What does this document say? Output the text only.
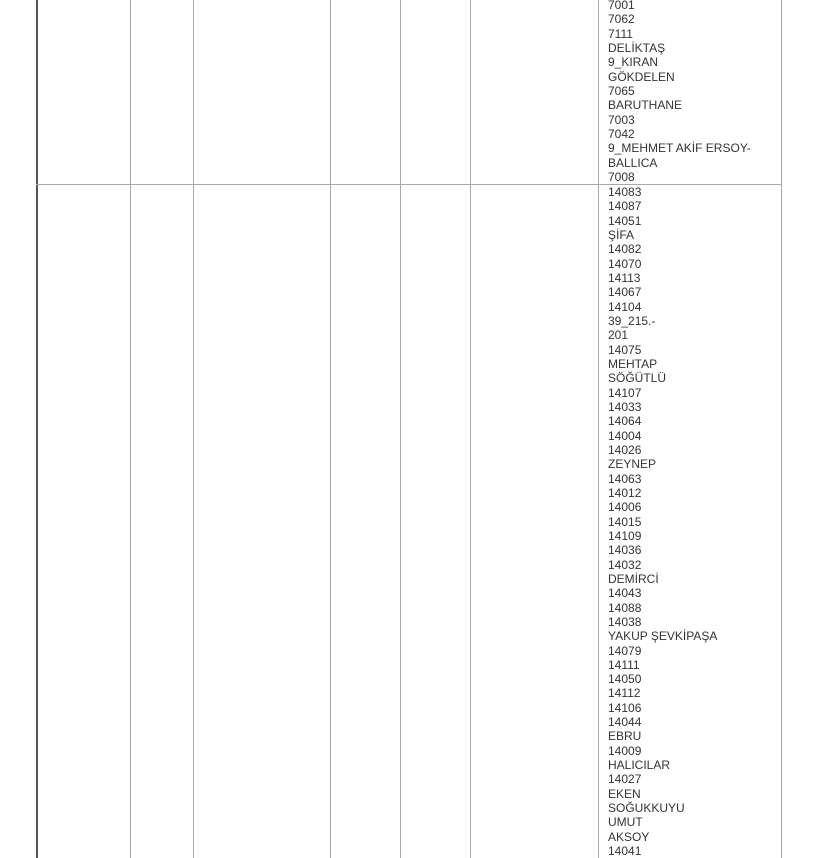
7001
7062
7111
DELİKTAŞ
9_KIRAN
GÖKDELEN
7065
BARUTHANE
7003
7042
9_MEHMET AKİF ERSOY-
BALLICA
7008
14083
14087
14051
ŞİFA
14082
14070
14113
14067
14104
39_215.-
201
14075
MEHTAP
SÖĞÜTLÜ
14107
14033
14064
14004
14026
ZEYNEP
14063
14012
14006
14015
14109
14036
14032
DEMİRCİ
14043
14088
14038
YAKUP ŞEVKİPAŞA
14079
14111
14050
14112
14106
14044
EBRU
14009
HALICILAR
14027
EKEN
SOĞUKKUYU
UMUT
AKSOY
14041
